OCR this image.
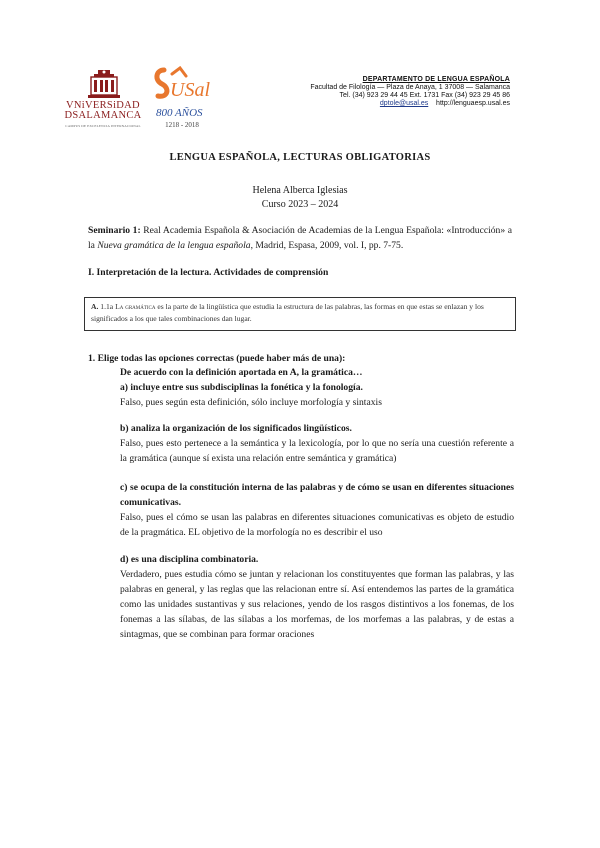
VNiVERSiDAD
DSALAMANCA
CAMPUS DE EXCELENCIA INTERNACIONAL
USal
800 AÑOS
1218 - 2018
DEPARTAMENTO DE LENGUA ESPAÑOLA
Facultad de Filología — Plaza de Anaya, 1 37008 — Salamanca
Tel. (34) 923 29 44 45 Ext. 1731 Fax (34) 923 29 45 86
dptole@usal.es http://lenguaesp.usal.es
LENGUA ESPAÑOLA, LECTURAS OBLIGATORIAS
Helena Alberca Iglesias
Curso 2023 – 2024
Seminario 1: Real Academia Española & Asociación de Academias de la Lengua Española: «Introducción» a la Nueva gramática de la lengua española, Madrid, Espasa, 2009, vol. I, pp. 7-75.
I. Interpretación de la lectura. Actividades de comprensión
A. 1.1a La gramática es la parte de la lingüística que estudia la estructura de las palabras, las formas en que estas se enlazan y los significados a los que tales combinaciones dan lugar.
1. Elige todas las opciones correctas (puede haber más de una):
De acuerdo con la definición aportada en A, la gramática…
a) incluye entre sus subdisciplinas la fonética y la fonología.
Falso, pues según esta definición, sólo incluye morfología y sintaxis
b) analiza la organización de los significados lingüísticos.
Falso, pues esto pertenece a la semántica y la lexicología, por lo que no sería una cuestión referente a la gramática (aunque sí exista una relación entre semántica y gramática)
c) se ocupa de la constitución interna de las palabras y de cómo se usan en diferentes situaciones comunicativas.
Falso, pues el cómo se usan las palabras en diferentes situaciones comunicativas es objeto de estudio de la pragmática. EL objetivo de la morfología no es describir el uso
d) es una disciplina combinatoria.
Verdadero, pues estudia cómo se juntan y relacionan los constituyentes que forman las palabras, y las palabras en general, y las reglas que las relacionan entre sí. Así entendemos las partes de la gramática como las unidades sustantivas y sus relaciones, yendo de los rasgos distintivos a los fonemas, de los fonemas a las sílabas, de las sílabas a los morfemas, de los morfemas a las palabras, y de estas a sintagmas, que se combinan para formar oraciones
